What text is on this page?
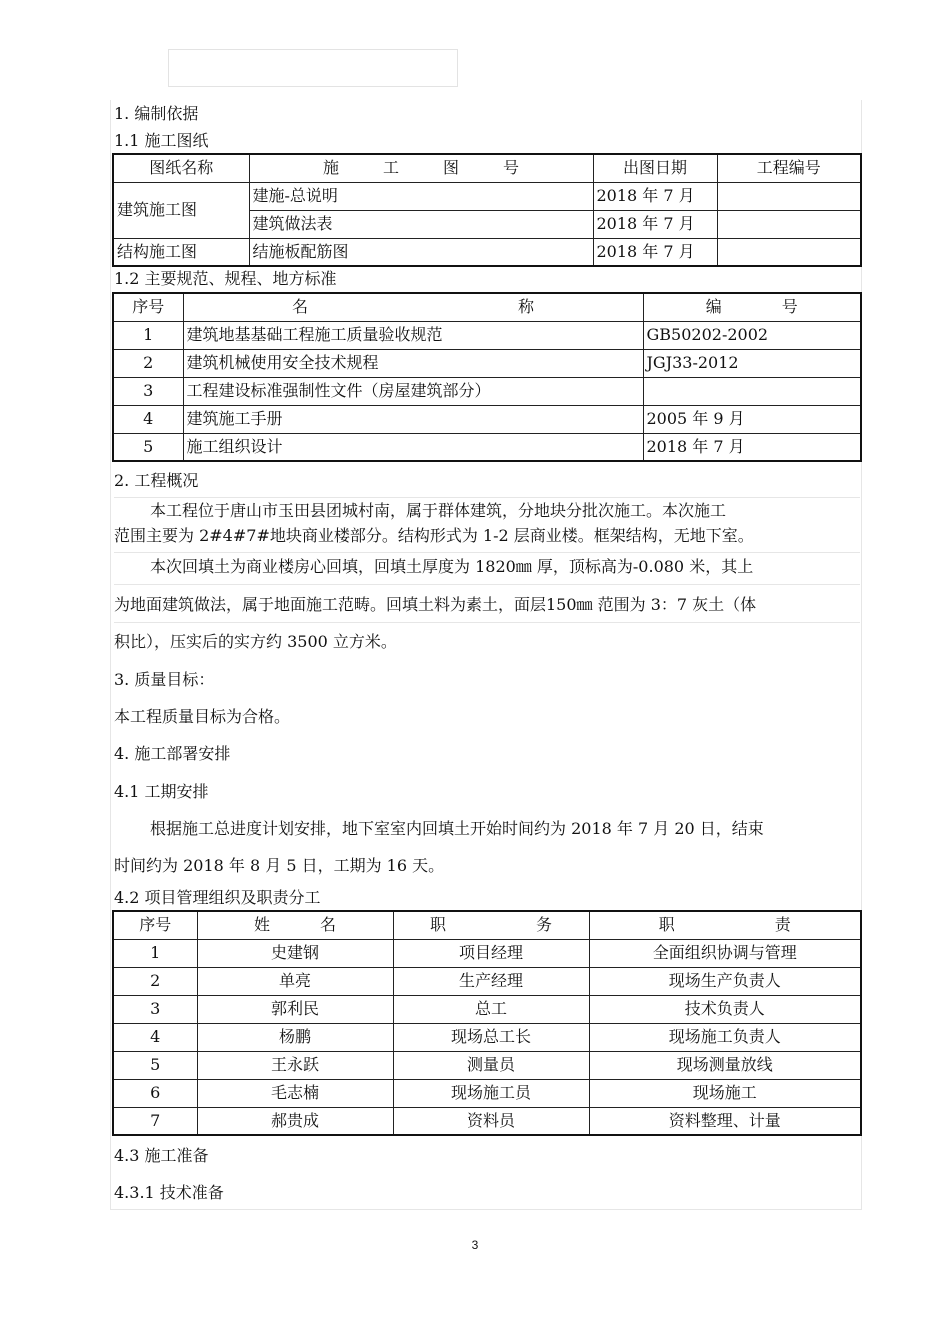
1. 编制依据
1.1 施工图纸
图纸名称	施 工 图 号	出图日期	工程编号
建筑施工图	建施-总说明	2018 年 7 月	
	建筑做法表	2018 年 7 月	
结构施工图	结施板配筋图	2018 年 7 月	
1.2 主要规范、规程、地方标准
序号	名 称	编 号
1	建筑地基基础工程施工质量验收规范	GB50202-2002
2	建筑机械使用安全技术规程	JGJ33-2012
3	工程建设标准强制性文件（房屋建筑部分）	
4	建筑施工手册	2005 年 9 月
5	施工组织设计	2018 年 7 月
2. 工程概况
本工程位于唐山市玉田县团城村南，属于群体建筑，分地块分批次施工。本次施工
范围主要为 2#4#7#地块商业楼部分。结构形式为 1-2 层商业楼。框架结构，无地下室。
本次回填土为商业楼房心回填，回填土厚度为 1820㎜ 厚，顶标高为-0.080 米，其上
为地面建筑做法，属于地面施工范畴。回填土料为素土，面层150㎜ 范围为 3：7 灰土（体
积比），压实后的实方约 3500 立方米。
3. 质量目标：
本工程质量目标为合格。
4. 施工部署安排
4.1 工期安排
根据施工总进度计划安排，地下室室内回填土开始时间约为 2018 年 7 月 20 日，结束
时间约为 2018 年 8 月 5 日，工期为 16 天。
4.2 项目管理组织及职责分工
序号	姓 名	职 务	职 责
1	史建钢	项目经理	全面组织协调与管理
2	单亮	生产经理	现场生产负责人
3	郭利民	总工	技术负责人
4	杨鹏	现场总工长	现场施工负责人
5	王永跃	测量员	现场测量放线
6	毛志楠	现场施工员	现场施工
7	郝贵成	资料员	资料整理、计量
4.3 施工准备
4.3.1 技术准备
3
